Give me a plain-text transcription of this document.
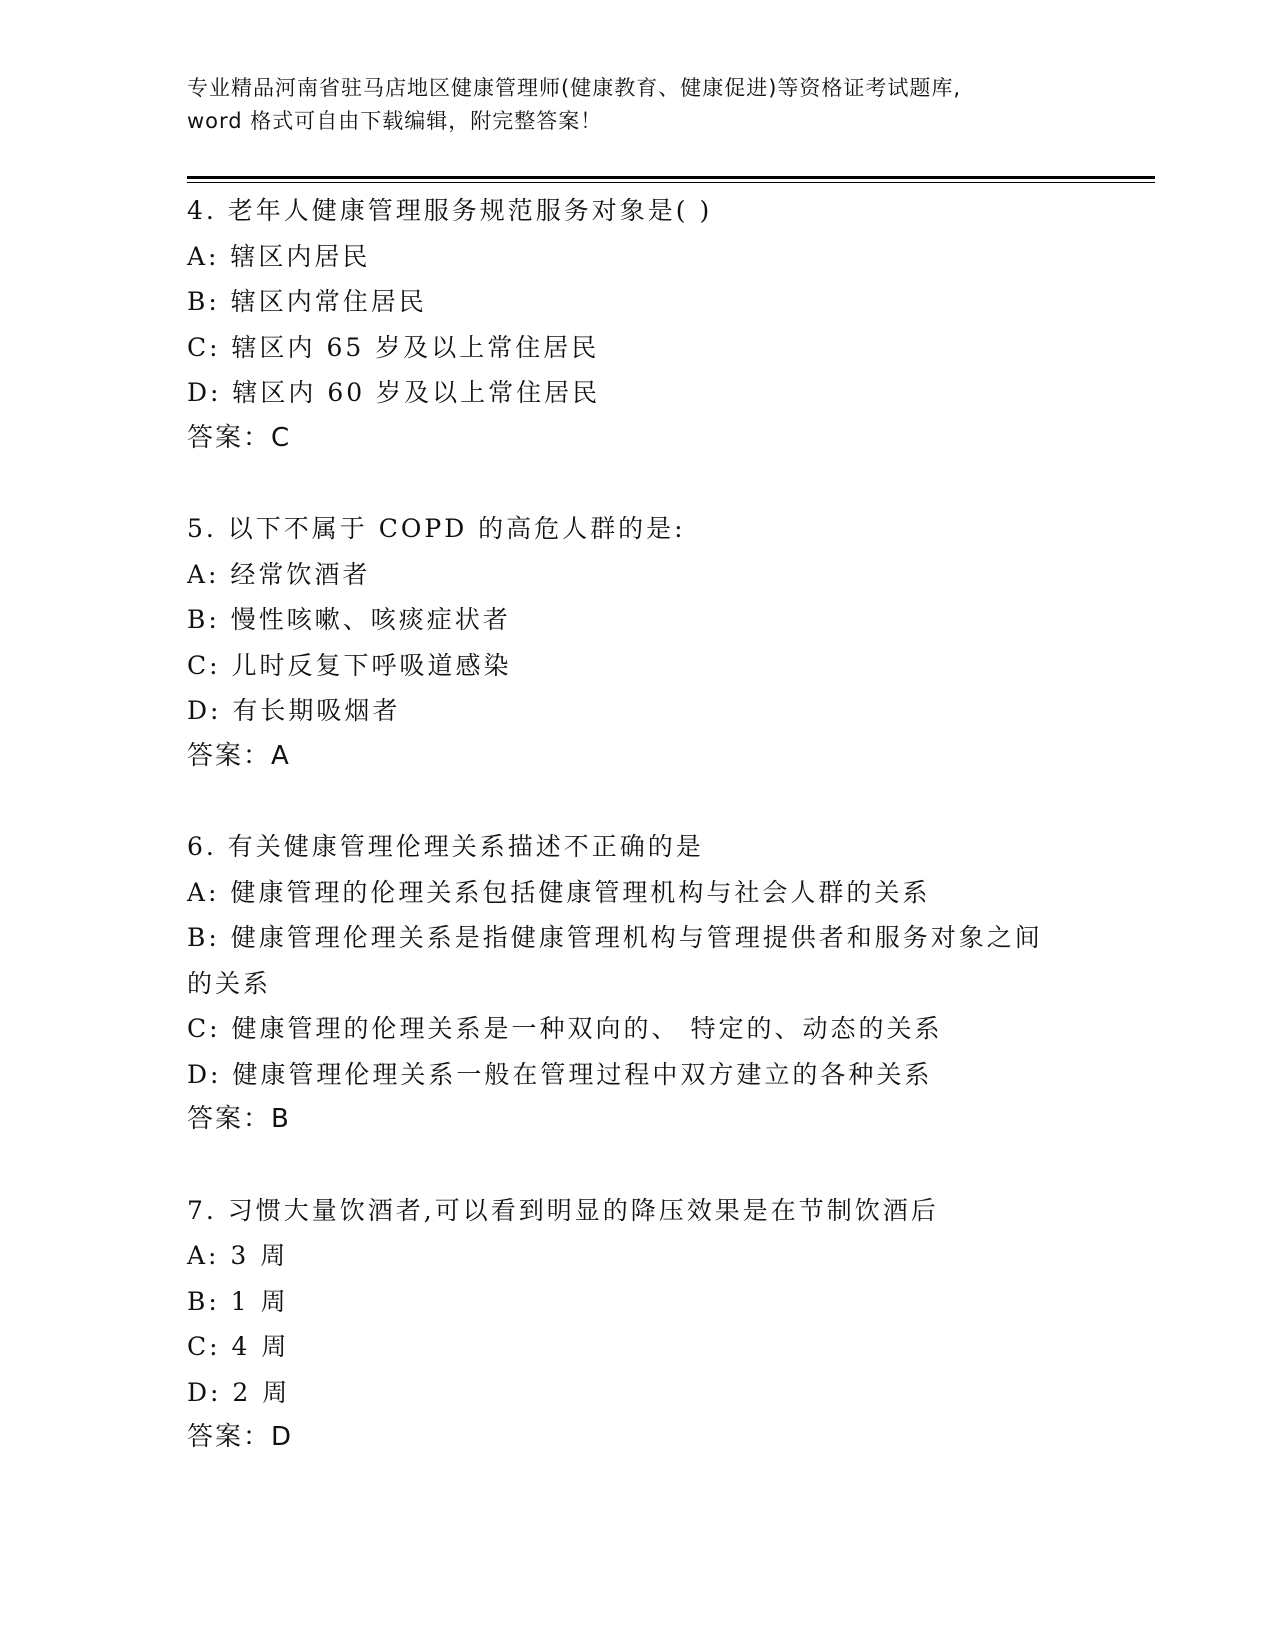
专业精品河南省驻马店地区健康管理师(健康教育、健康促进)等资格证考试题库,
word 格式可自由下载编辑，附完整答案！
4. 老年人健康管理服务规范服务对象是( )
A: 辖区内居民
B: 辖区内常住居民
C: 辖区内 65 岁及以上常住居民
D: 辖区内 60 岁及以上常住居民
答案：C
5. 以下不属于 COPD 的高危人群的是:
A: 经常饮酒者
B: 慢性咳嗽、咳痰症状者
C: 儿时反复下呼吸道感染
D: 有长期吸烟者
答案：A
6. 有关健康管理伦理关系描述不正确的是
A: 健康管理的伦理关系包括健康管理机构与社会人群的关系
B: 健康管理伦理关系是指健康管理机构与管理提供者和服务对象之间的关系
C: 健康管理的伦理关系是一种双向的、 特定的、动态的关系
D: 健康管理伦理关系一般在管理过程中双方建立的各种关系
答案：B
7. 习惯大量饮酒者,可以看到明显的降压效果是在节制饮酒后
A: 3 周
B: 1 周
C: 4 周
D: 2 周
答案：D
